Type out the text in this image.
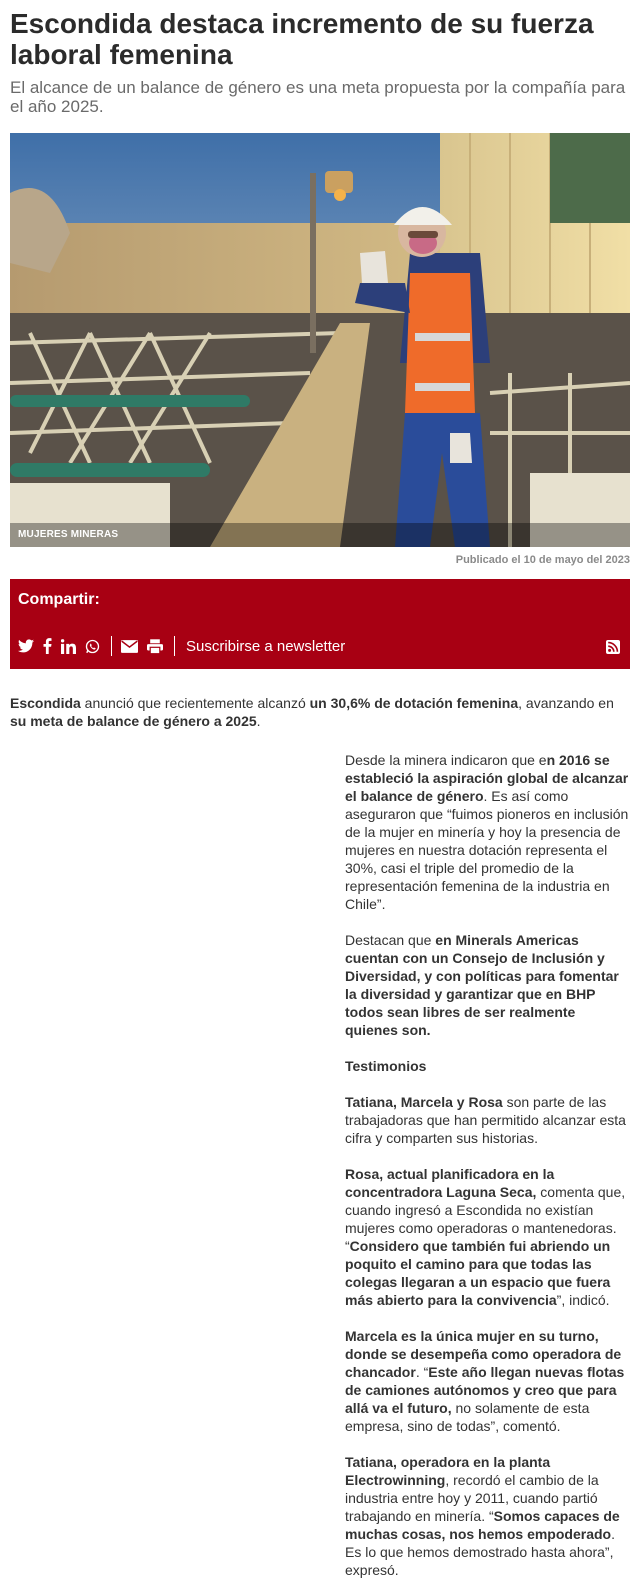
Escondida destaca incremento de su fuerza laboral femenina

El alcance de un balance de género es una meta propuesta por la compañía para el año 2025.

MUJERES MINERAS
Publicado el 10 de mayo del 2023
Compartir:
Suscribirse a newsletter

Escondida anunció que recientemente alcanzó un 30,6% de dotación femenina, avanzando en su meta de balance de género a 2025.

Desde la minera indicaron que en 2016 se estableció la aspiración global de alcanzar el balance de género. Es así como aseguraron que “fuimos pioneros en inclusión de la mujer en minería y hoy la presencia de mujeres en nuestra dotación representa el 30%, casi el triple del promedio de la representación femenina de la industria en Chile”.

Destacan que en Minerals Americas cuentan con un Consejo de Inclusión y Diversidad, y con políticas para fomentar la diversidad y garantizar que en BHP todos sean libres de ser realmente quienes son.

Testimonios

Tatiana, Marcela y Rosa son parte de las trabajadoras que han permitido alcanzar esta cifra y comparten sus historias.

Rosa, actual planificadora en la concentradora Laguna Seca, comenta que, cuando ingresó a Escondida no existían mujeres como operadoras o mantenedoras. “Considero que también fui abriendo un poquito el camino para que todas las colegas llegaran a un espacio que fuera más abierto para la convivencia”, indicó.

Marcela es la única mujer en su turno, donde se desempeña como operadora de chancador. “Este año llegan nuevas flotas de camiones autónomos y creo que para allá va el futuro, no solamente de esta empresa, sino de todas”, comentó.

Tatiana, operadora en la planta Electrowinning, recordó el cambio de la industria entre hoy y 2011, cuando partió trabajando en minería. “Somos capaces de muchas cosas, nos hemos empoderado. Es lo que hemos demostrado hasta ahora”, expresó.
